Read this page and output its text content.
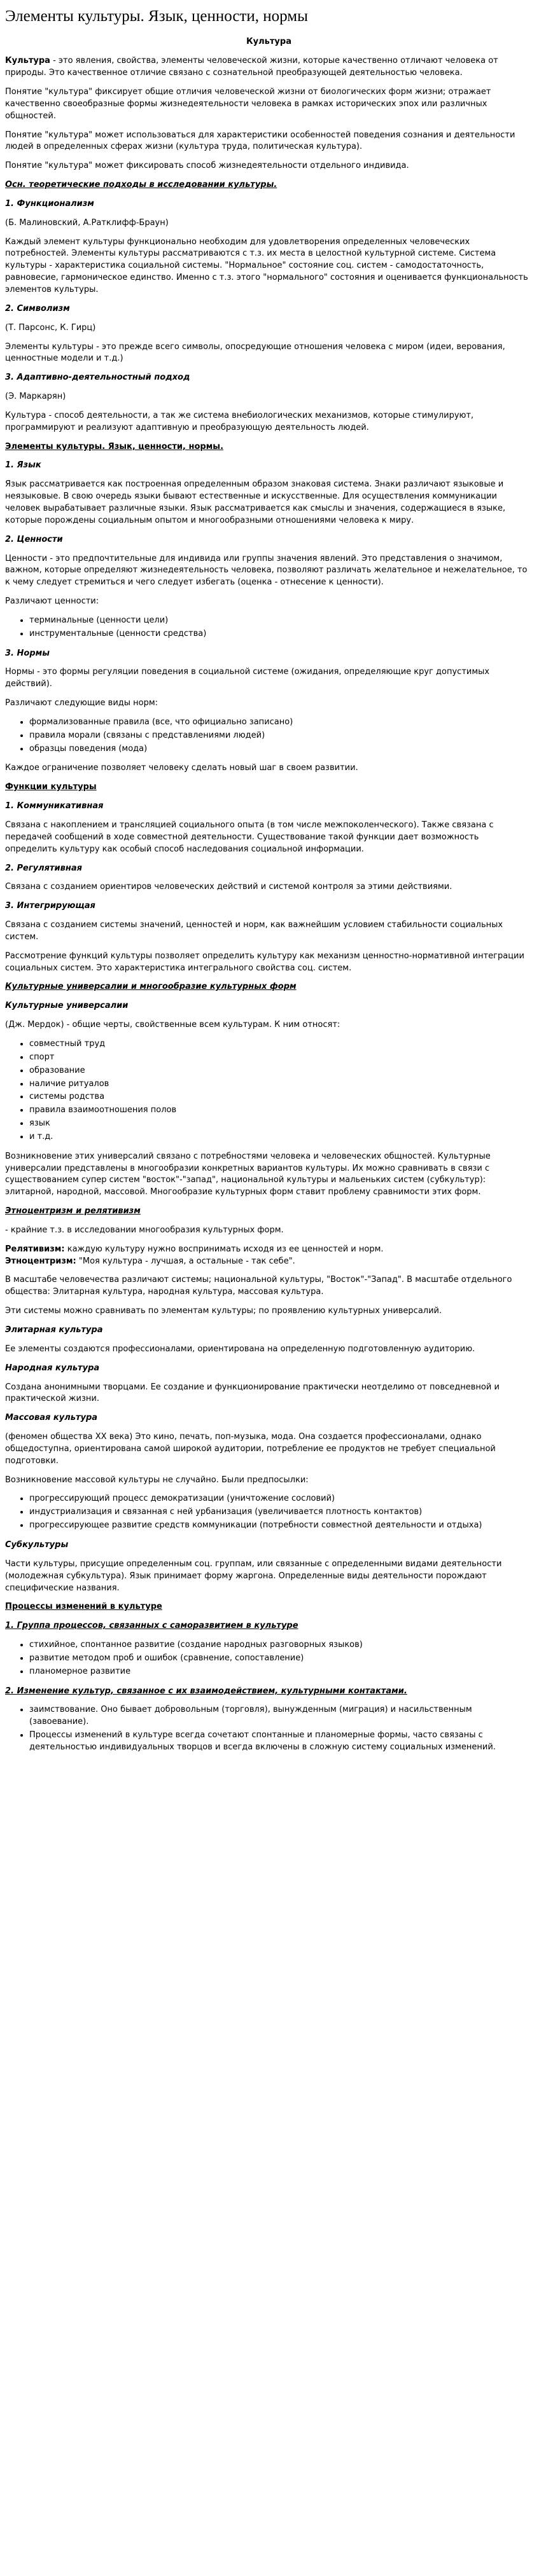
Элементы культуры. Язык, ценности, нормы
Культура

Культура - это явления, свойства, элементы человеческой жизни, которые качественно отличают человека от природы. Это качественное отличие связано с сознательной преобразующей деятельностью человека.

Понятие "культура" фиксирует общие отличия человеческой жизни от биологических форм жизни; отражает качественно своеобразные формы жизнедеятельности человека в рамках исторических эпох или различных общностей.

Понятие "культура" может использоваться для характеристики особенностей поведения сознания и деятельности людей в определенных сферах жизни (культура труда, политическая культура).

Понятие "культура" может фиксировать способ жизнедеятельности отдельного индивида.

Осн. теоретические подходы в исследовании культуры.

1. Функционализм

(Б. Малиновский, А.Ратклифф-Браун)

Каждый элемент культуры функционально необходим для удовлетворения определенных человеческих потребностей. Элементы культуры рассматриваются с т.з. их места в целостной культурной системе. Система культуры - характеристика социальной системы. "Нормальное" состояние соц. систем - самодостаточность, равновесие, гармоническое единство. Именно с т.з. этого "нормального" состояния и оценивается функциональность элементов культуры.

2. Символизм

(Т. Парсонс, К. Гирц)

Элементы культуры - это прежде всего символы, опосредующие отношения человека с миром (идеи, верования, ценностные модели и т.д.)

3. Адаптивно-деятельностный подход

(Э. Маркарян)

Культура - способ деятельности, а так же система внебиологических механизмов, которые стимулируют, программируют и реализуют адаптивную и преобразующую деятельность людей.

Элементы культуры. Язык, ценности, нормы.

1. Язык

Язык рассматривается как построенная определенным образом знаковая система. Знаки различают языковые и неязыковые. В свою очередь языки бывают естественные и искусственные. Для осуществления коммуникации человек вырабатывает различные языки. Язык рассматривается как смыслы и значения, содержащиеся в языке, которые порождены социальным опытом и многообразными отношениями человека к миру.

2. Ценности

Ценности - это предпочтительные для индивида или группы значения явлений. Это представления о значимом, важном, которые определяют жизнедеятельность человека, позволяют различать желательное и нежелательное, то к чему следует стремиться и чего следует избегать (оценка - отнесение к ценности).

Различают ценности:

• терминальные (ценности цели)
• инструментальные (ценности средства)

3. Нормы

Нормы - это формы регуляции поведения в социальной системе (ожидания, определяющие круг допустимых действий).

Различают следующие виды норм:

• формализованные правила (все, что официально записано)
• правила морали (связаны с представлениями людей)
• образцы поведения (мода)

Каждое ограничение позволяет человеку сделать новый шаг в своем развитии.

Функции культуры

1. Коммуникативная

Связана с накоплением и трансляцией социального опыта (в том числе межпоколенческого). Также связана с передачей сообщений в ходе совместной деятельности. Существование такой функции дает возможность определить культуру как особый способ наследования социальной информации.

2. Регулятивная

Связана с созданием ориентиров человеческих действий и системой контроля за этими действиями.

3. Интегрирующая

Связана с созданием системы значений, ценностей и норм, как важнейшим условием стабильности социальных систем.

Рассмотрение функций культуры позволяет определить культуру как механизм ценностно-нормативной интеграции социальных систем. Это характеристика интегрального свойства соц. систем.

Культурные универсалии и многообразие культурных форм

Культурные универсалии

(Дж. Мердок) - общие черты, свойственные всем культурам. К ним относят:

• совместный труд
• спорт
• образование
• наличие ритуалов
• системы родства
• правила взаимоотношения полов
• язык
• и т.д.

Возникновение этих универсалий связано с потребностями человека и человеческих общностей. Культурные универсалии представлены в многообразии конкретных вариантов культуры. Их можно сравнивать в связи с существованием супер систем "восток"-"запад", национальной культуры и мальеньких систем (субкультур): элитарной, народной, массовой. Многообразие культурных форм ставит проблему сравнимости этих форм.

Этноцентризм и релятивизм

- крайние т.з. в исследовании многообразия культурных форм.

Релятивизм: каждую культуру нужно воспринимать исходя из ее ценностей и норм.

Этноцентризм: "Моя культура - лучшая, а остальные - так себе".

В масштабе человечества различают системы; национальной культуры, "Восток"-"Запад". В масштабе отдельного общества: Элитарная культура, народная культура, массовая культура.

Эти системы можно сравнивать по элементам культуры; по проявлению культурных универсалий.

Элитарная культура

Ее элементы создаются профессионалами, ориентирована на определенную подготовленную аудиторию.

Народная культура

Создана анонимными творцами. Ее создание и функционирование практически неотделимо от повседневной и практической жизни.

Массовая культура

(феномен общества XX века) Это кино, печать, поп-музыка, мода. Она создается профессионалами, однако общедоступна, ориентирована самой широкой аудитории, потребление ее продуктов не требует специальной подготовки.

Возникновение массовой культуры не случайно. Были предпосылки:

• прогрессирующий процесс демократизации (уничтожение сословий)
• индустриализация и связанная с ней урбанизация (увеличивается плотность контактов)
• прогрессирующее развитие средств коммуникации (потребности совместной деятельности и отдыха)

Субкультуры

Части культуры, присущие определенным соц. группам, или связанные с определенными видами деятельности (молодежная субкультура). Язык принимает форму жаргона. Определенные виды деятельности порождают специфические названия.

Процессы изменений в культуре

1. Группа процессов, связанных с саморазвитием в культуре

• стихийное, спонтанное развитие (создание народных разговорных языков)
• развитие методом проб и ошибок (сравнение, сопоставление)
• планомерное развитие

2. Изменение культур, связанное с их взаимодействием, культурными контактами.

• заимствование. Оно бывает добровольным (торговля), вынужденным (миграция) и насильственным (завоевание).
• Процессы изменений в культуре всегда сочетают спонтанные и планомерные формы, часто связаны с деятельностью индивидуальных творцов и всегда включены в сложную систему социальных изменений.
